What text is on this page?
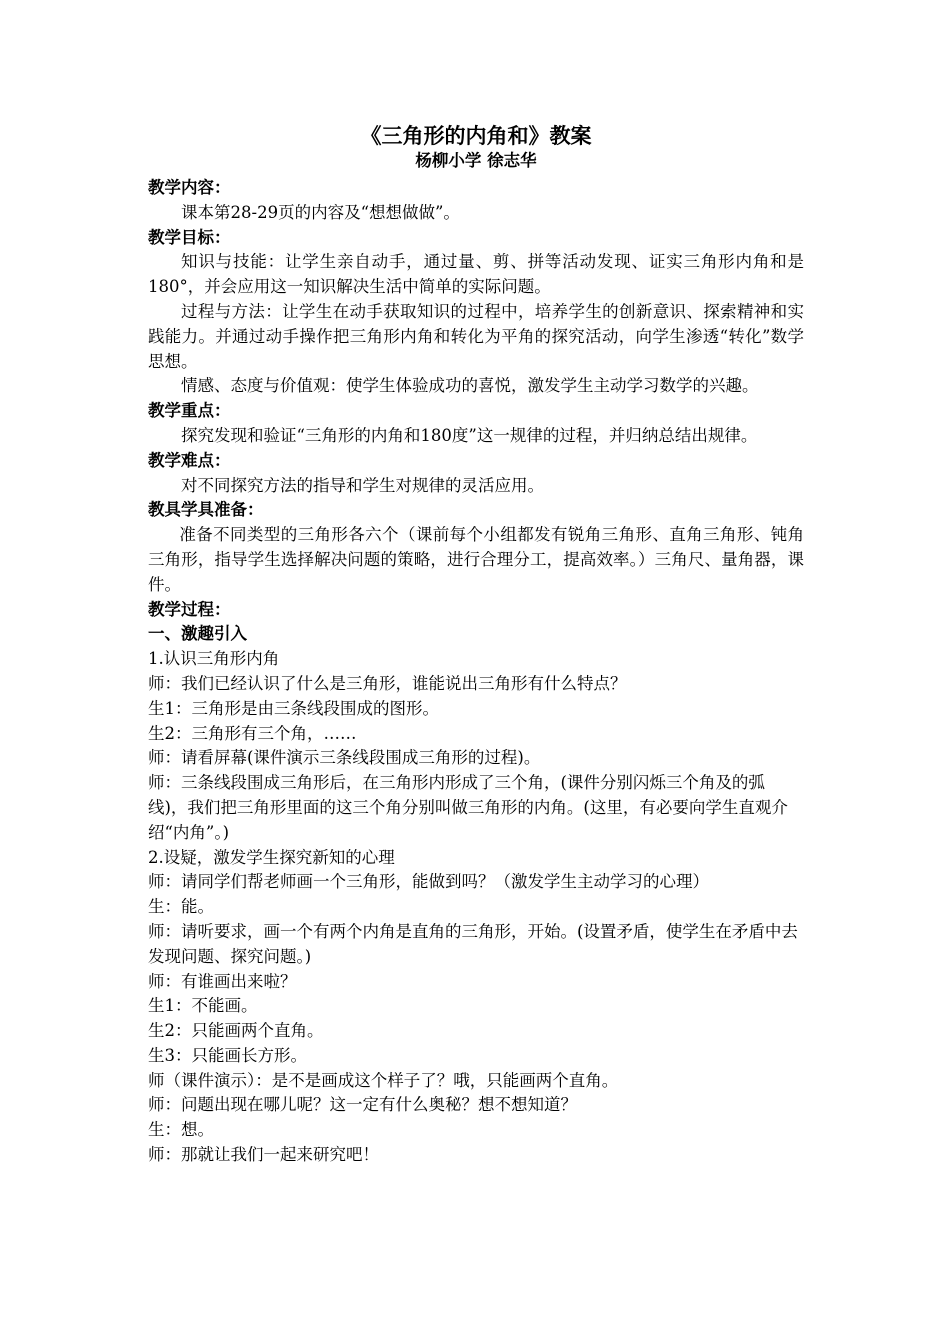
《三角形的内角和》教案

杨柳小学 徐志华

教学内容：

课本第28-29页的内容及“想想做做”。

教学目标：

知识与技能：让学生亲自动手，通过量、剪、拼等活动发现、证实三角形内角和是180°，并会应用这一知识解决生活中简单的实际问题。

过程与方法：让学生在动手获取知识的过程中，培养学生的创新意识、探索精神和实践能力。并通过动手操作把三角形内角和转化为平角的探究活动，向学生渗透“转化”数学思想。

情感、态度与价值观：使学生体验成功的喜悦，激发学生主动学习数学的兴趣。

教学重点：

探究发现和验证“三角形的内角和180度”这一规律的过程，并归纳总结出规律。

教学难点：

对不同探究方法的指导和学生对规律的灵活应用。

教具学具准备：

准备不同类型的三角形各六个（课前每个小组都发有锐角三角形、直角三角形、钝角三角形，指导学生选择解决问题的策略，进行合理分工，提高效率。）三角尺、量角器，课件。

教学过程：

一、激趣引入

1.认识三角形内角

师：我们已经认识了什么是三角形，谁能说出三角形有什么特点？

生1：三角形是由三条线段围成的图形。

生2：三角形有三个角，……

师：请看屏幕(课件演示三条线段围成三角形的过程)。

师：三条线段围成三角形后，在三角形内形成了三个角，(课件分别闪烁三个角及的弧线)，我们把三角形里面的这三个角分别叫做三角形的内角。(这里，有必要向学生直观介绍“内角”。)

2.设疑，激发学生探究新知的心理

师：请同学们帮老师画一个三角形，能做到吗？（激发学生主动学习的心理）

生：能。

师：请听要求，画一个有两个内角是直角的三角形，开始。(设置矛盾，使学生在矛盾中去发现问题、探究问题。)

师：有谁画出来啦？

生1：不能画。

生2：只能画两个直角。

生3：只能画长方形。

师（课件演示）：是不是画成这个样子了？哦，只能画两个直角。

师：问题出现在哪儿呢？这一定有什么奥秘？想不想知道？

生：想。

师：那就让我们一起来研究吧！
